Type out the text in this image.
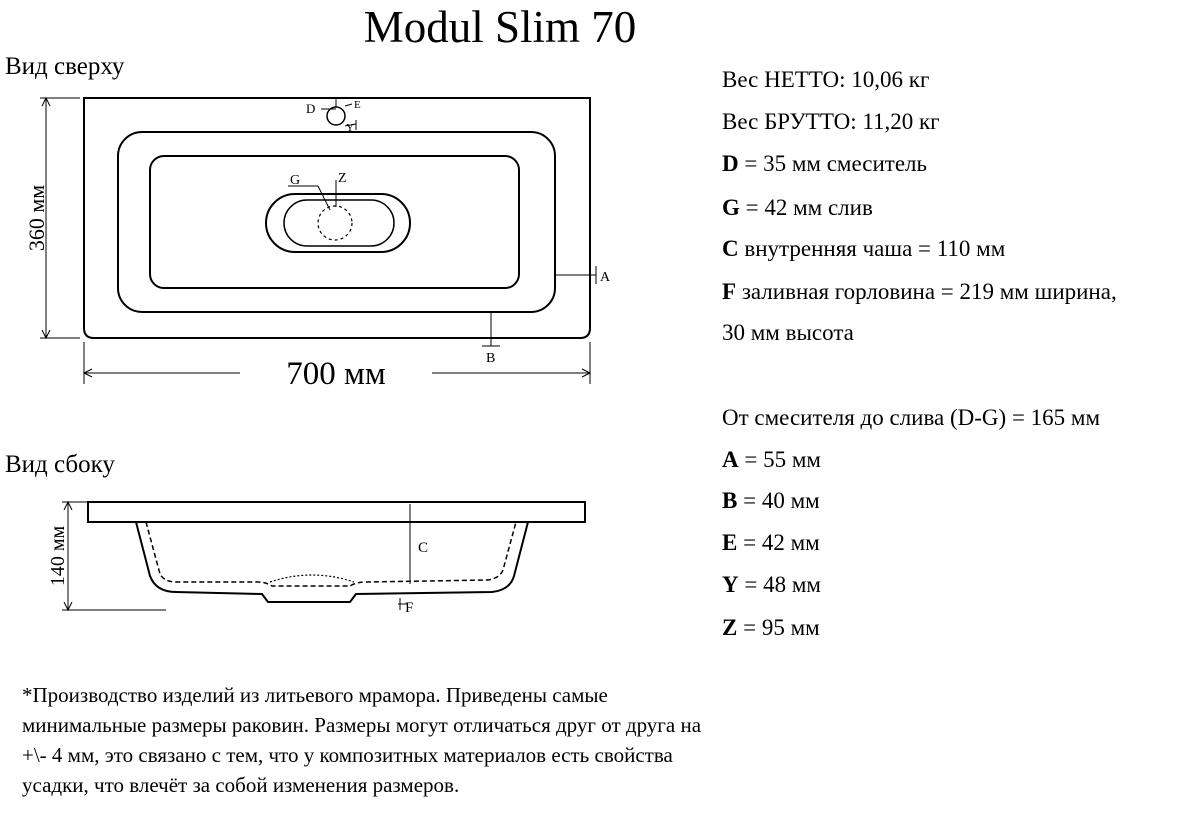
Modul Slim 70
Вид сверху
Вид сбоку
D	E
Y
G	Z
A
B
700 мм
360 мм
C
F
140 мм
Вес НЕТТО: 10,06 кг
Вес БРУТТО: 11,20 кг
D = 35 мм смеситель
G = 42 мм слив
C внутренняя чаша = 110 мм
F заливная горловина = 219 мм ширина,
30 мм высота
От смесителя до слива (D-G) = 165 мм
A = 55 мм
B = 40 мм
E = 42 мм
Y = 48 мм
Z = 95 мм
*Производство изделий из литьевого мрамора. Приведены самые минимальные размеры раковин. Размеры могут отличаться друг от друга на +\- 4 мм, это связано с тем, что у композитных материалов есть свойства усадки, что влечёт за собой изменения размеров.
